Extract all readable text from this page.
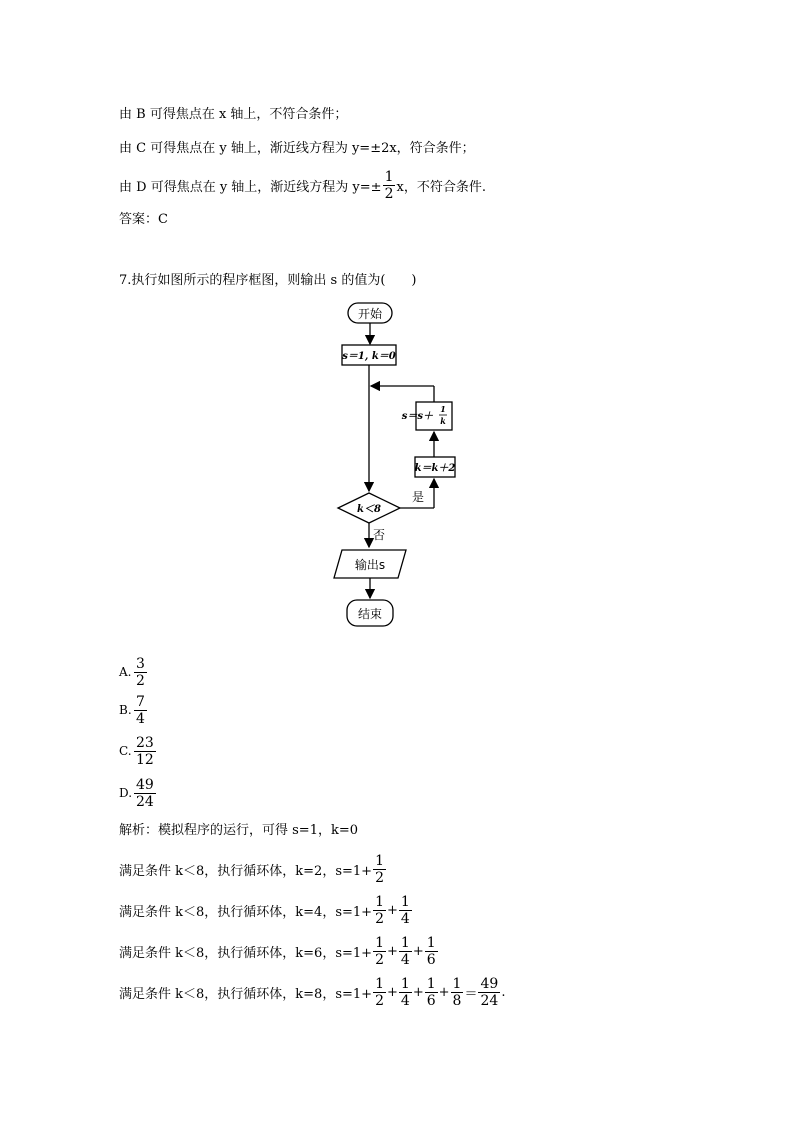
由 B 可得焦点在 x 轴上，不符合条件；
由 C 可得焦点在 y 轴上，渐近线方程为 y=±2x，符合条件；
由 D 可得焦点在 y 轴上，渐近线方程为 $y=\pm \frac{1}{2}$ x，不符合条件.
答案：C
7.执行如图所示的程序框图，则输出 s 的值为(　　)
开始
s＝1, k＝0
k＜8
是
k＝k＋2
s＝s＋
1
k
否
输出s
结束
A. $\frac{3}{2}$
B. $\frac{7}{4}$
C. $\frac{23}{12}$
D. $\frac{49}{24}$
解析：模拟程序的运行，可得 s=1，k=0
满足条件 k＜8，执行循环体， k=2，$s=1+ \frac{1}{2}$
满足条件 k＜8，执行循环体， k=4，$s=1+ \frac{1}{2} + \frac{1}{4}$
满足条件 k＜8，执行循环体， k=6，$s=1+ \frac{1}{2} + \frac{1}{4} + \frac{1}{6}$
满足条件 k＜8，执行循环体， k=8，$s=1+ \frac{1}{2} + \frac{1}{4} + \frac{1}{6} + \frac{1}{8} = \frac{49}{24}$ .
